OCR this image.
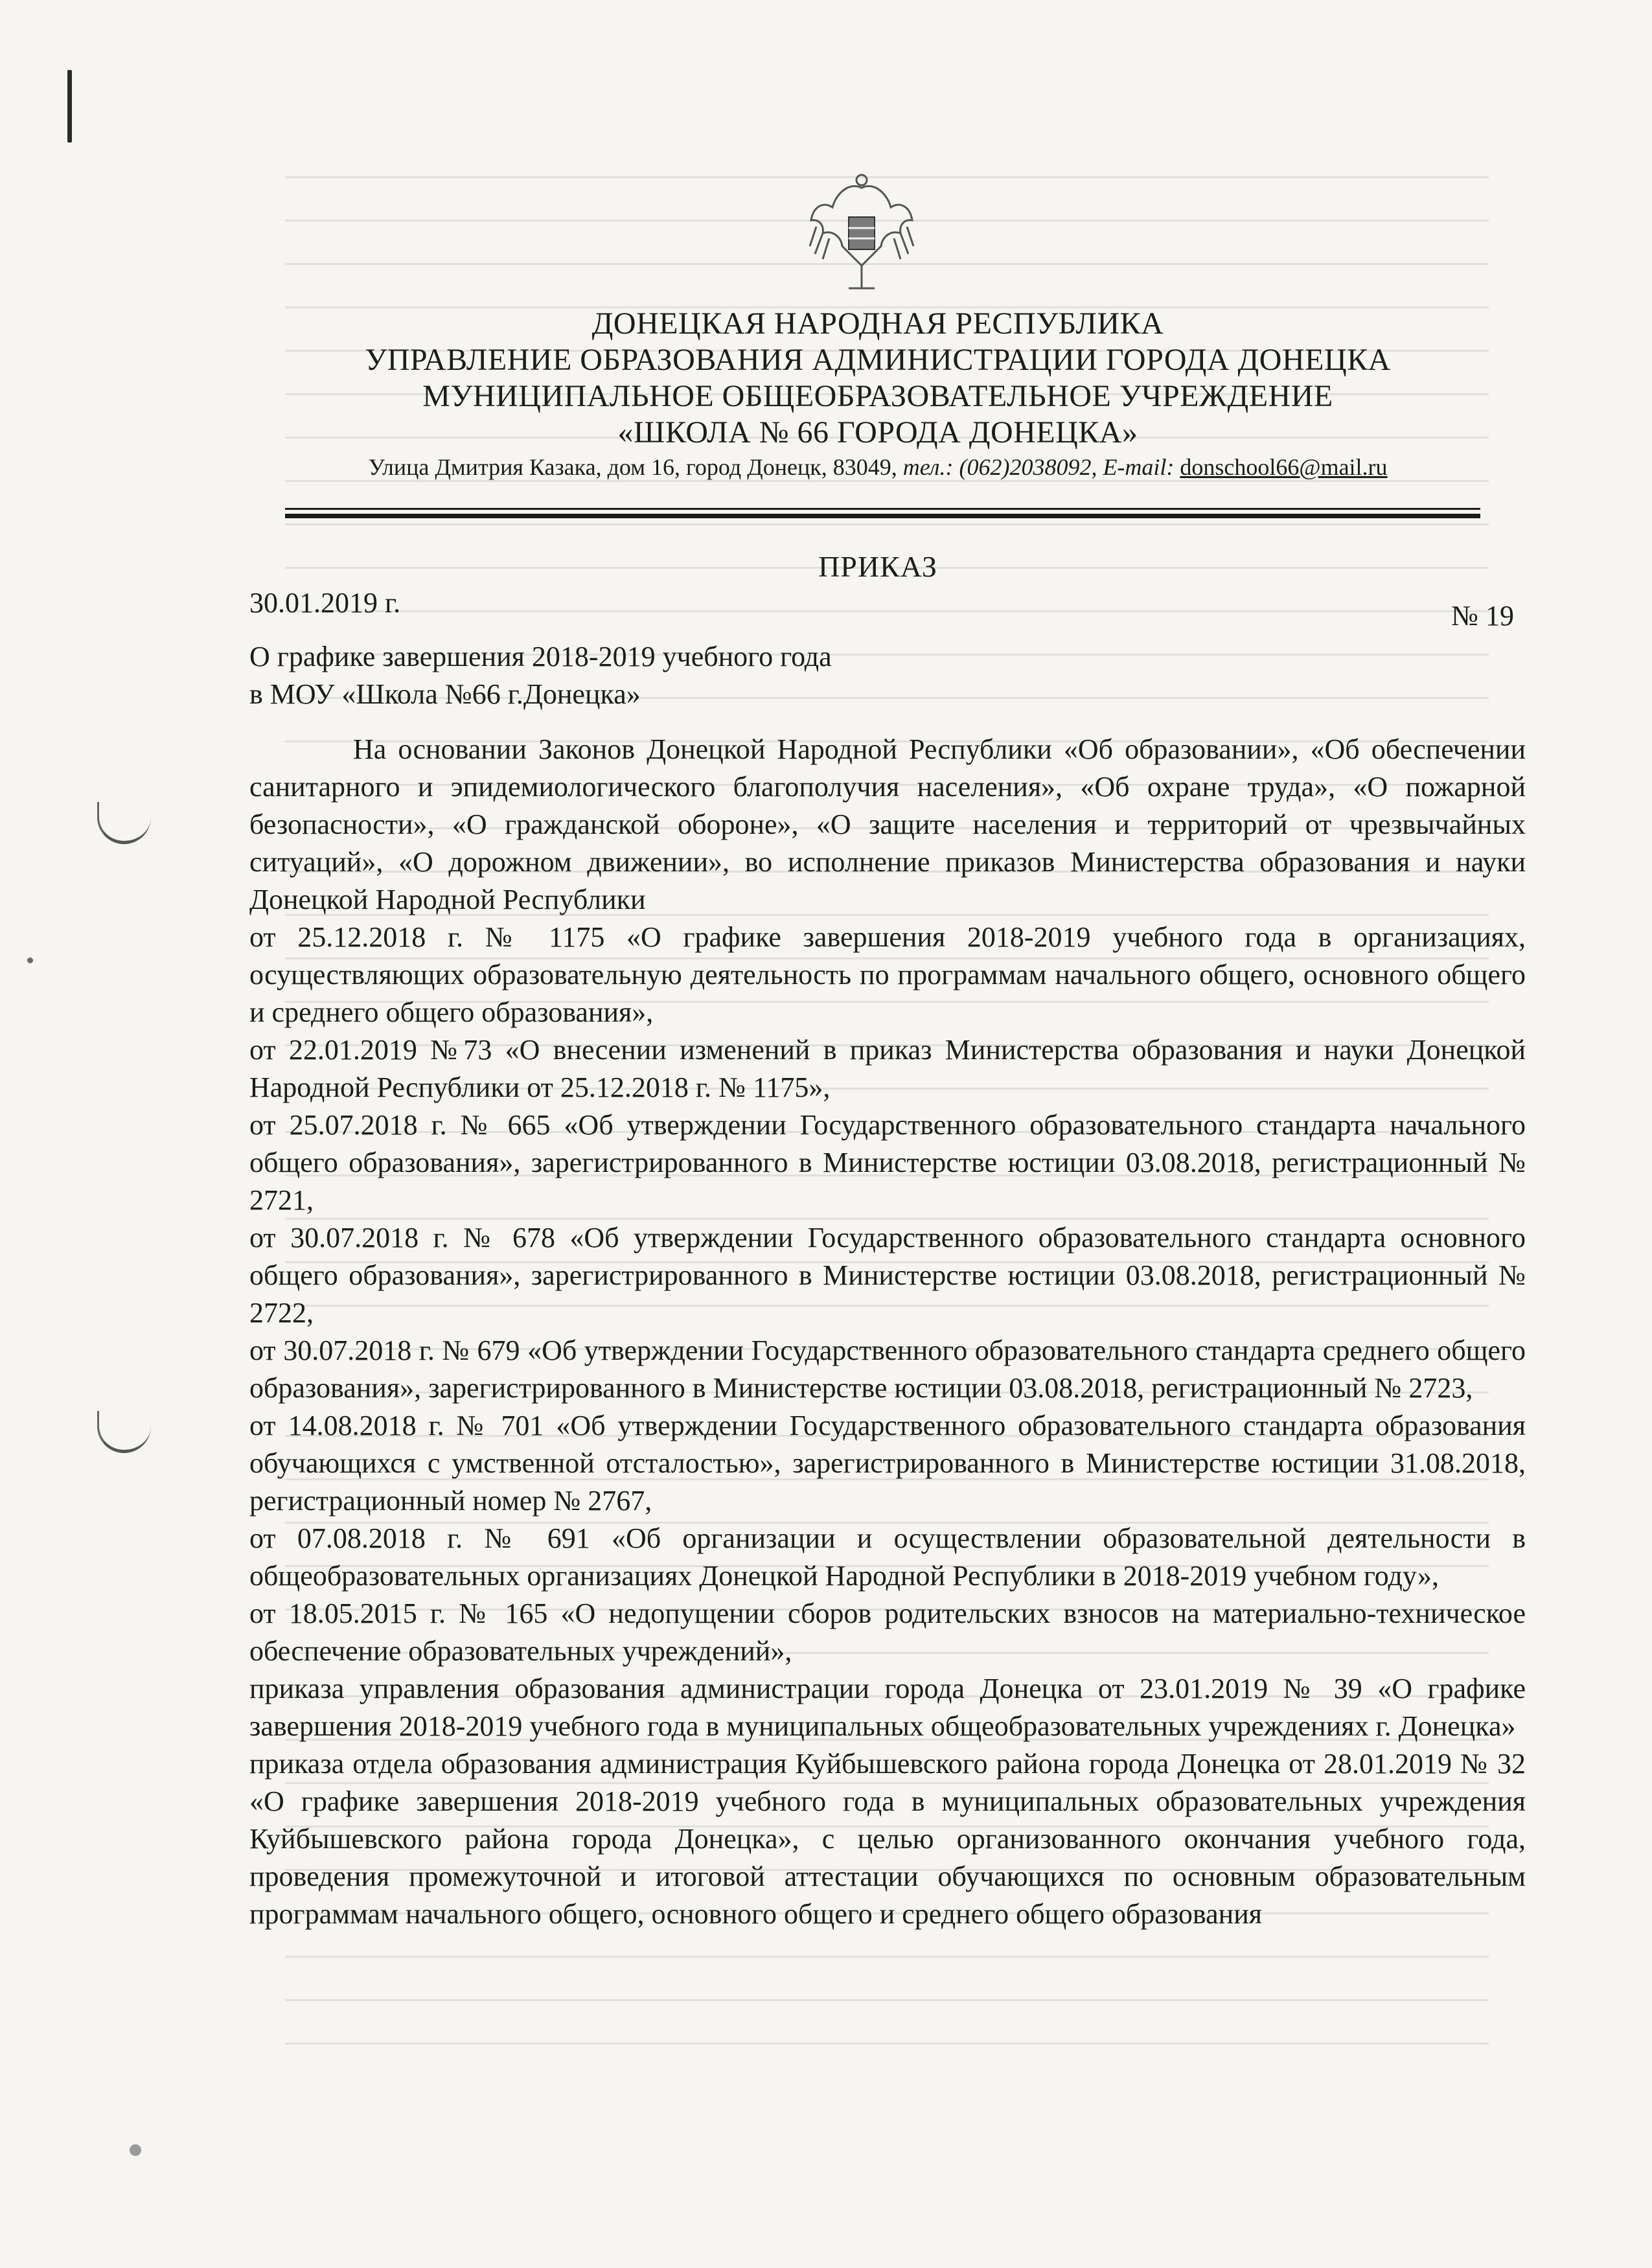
ДОНЕЦКАЯ НАРОДНАЯ РЕСПУБЛИКА
УПРАВЛЕНИЕ ОБРАЗОВАНИЯ АДМИНИСТРАЦИИ ГОРОДА ДОНЕЦКА
МУНИЦИПАЛЬНОЕ ОБЩЕОБРАЗОВАТЕЛЬНОЕ УЧРЕЖДЕНИЕ
«ШКОЛА № 66 ГОРОДА ДОНЕЦКА»
Улица Дмитрия Казака, дом 16, город Донецк, 83049, тел.: (062)2038092, E-mail: donschool66@mail.ru
ПРИКАЗ
30.01.2019 г.	№ 19
О графике завершения 2018-2019 учебного года
в МОУ «Школа №66 г.Донецка»

На основании Законов Донецкой Народной Республики «Об образовании», «Об обеспечении санитарного и эпидемиологического благополучия населения», «Об охране труда», «О пожарной безопасности», «О гражданской обороне», «О защите населения и территорий от чрезвычайных ситуаций», «О дорожном движении», во исполнение приказов Министерства образования и науки Донецкой Народной Республики

от 25.12.2018 г. № 1175 «О графике завершения 2018-2019 учебного года в организациях, осуществляющих образовательную деятельность по программам начального общего, основного общего и среднего общего образования»,

от 22.01.2019 №73 «О внесении изменений в приказ Министерства образования и науки Донецкой Народной Республики от 25.12.2018 г. № 1175»,

от 25.07.2018 г. № 665 «Об утверждении Государственного образовательного стандарта начального общего образования», зарегистрированного в Министерстве юстиции 03.08.2018, регистрационный № 2721,

от 30.07.2018 г. № 678 «Об утверждении Государственного образовательного стандарта основного общего образования», зарегистрированного в Министерстве юстиции 03.08.2018, регистрационный № 2722,

от 30.07.2018 г. № 679 «Об утверждении Государственного образовательного стандарта среднего общего образования», зарегистрированного в Министерстве юстиции 03.08.2018, регистрационный № 2723,

от 14.08.2018 г. № 701 «Об утверждении Государственного образовательного стандарта образования обучающихся с умственной отсталостью», зарегистрированного в Министерстве юстиции 31.08.2018, регистрационный номер № 2767,

от 07.08.2018 г. № 691 «Об организации и осуществлении образовательной деятельности в общеобразовательных организациях Донецкой Народной Республики в 2018-2019 учебном году»,

от 18.05.2015 г. № 165 «О недопущении сборов родительских взносов на материально-техническое обеспечение образовательных учреждений»,

приказа управления образования администрации города Донецка от 23.01.2019 № 39 «О графике завершения 2018-2019 учебного года в муниципальных общеобразовательных учреждениях г. Донецка»

приказа отдела образования администрация Куйбышевского района города Донецка от 28.01.2019 № 32 «О графике завершения 2018-2019 учебного года в муниципальных образовательных учреждения Куйбышевского района города Донецка», с целью организованного окончания учебного года, проведения промежуточной и итоговой аттестации обучающихся по основным образовательным программам начального общего, основного общего и среднего общего образования
